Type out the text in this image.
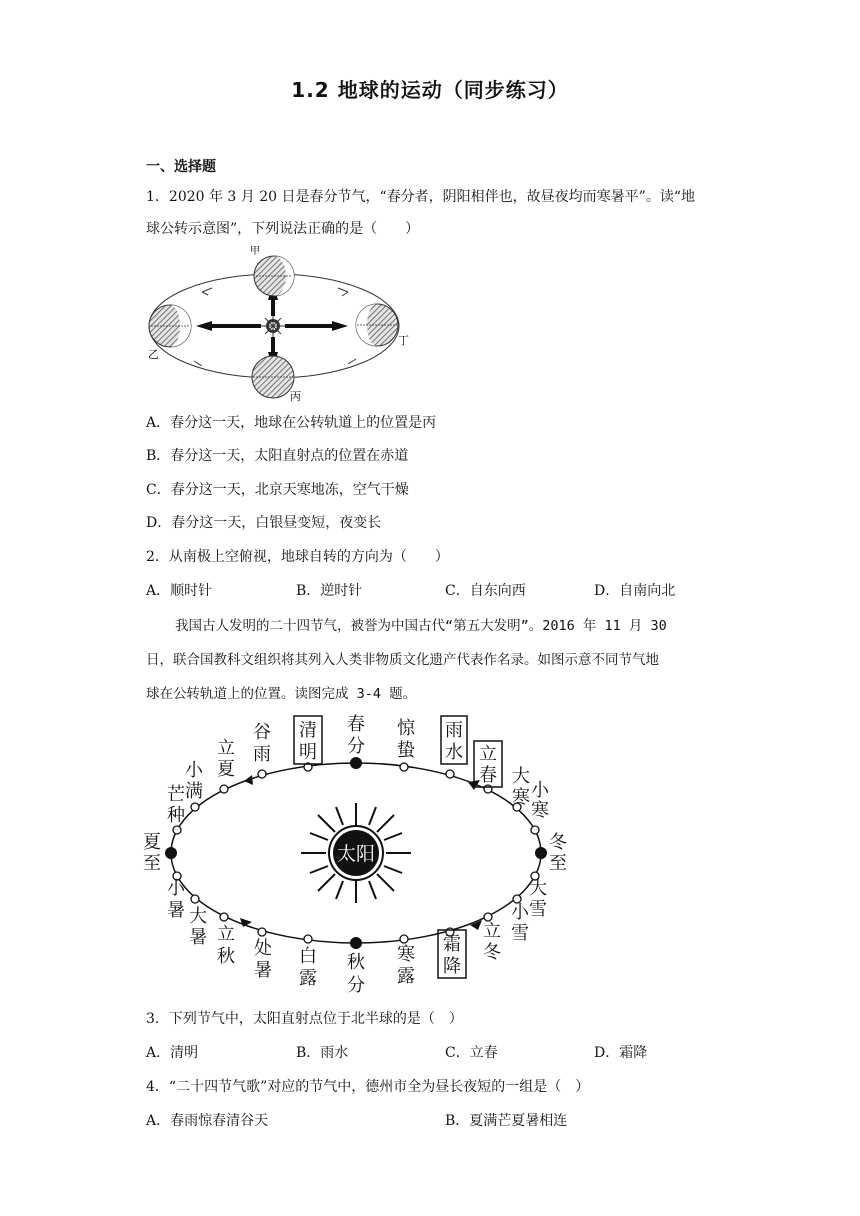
1.2 地球的运动（同步练习）
一、选择题
1．2020 年 3 月 20 日是春分节气，“春分者，阴阳相伴也，故昼夜均而寒暑平”。读“地
球公转示意图”，下列说法正确的是（　　）
甲
乙
丙
丁
A．春分这一天，地球在公转轨道上的位置是丙
B．春分这一天，太阳直射点的位置在赤道
C．春分这一天，北京天寒地冻，空气干燥
D．春分这一天，白银昼变短，夜变长
2．从南极上空俯视，地球自转的方向为（　　）
A．顺时针	B．逆时针	C．自东向西	D．自南向北
我国古人发明的二十四节气，被誉为中国古代“第五大发明”。2016 年 11 月 30
日，联合国教科文组织将其列入人类非物质文化遗产代表作名录。如图示意不同节气地
球在公转轨道上的位置。读图完成 3-4 题。
太阳
春
分
惊
蛰
雨
水 立
春 大
寒 小
寒
冬
至
大
雪
小
雪
立
冬
霜
降
寒
露
秋
分
白
露
处
暑
立
秋
大
暑
小
暑
夏
至
芒
种
小
满
立
夏
谷
雨
清
明
3．下列节气中，太阳直射点位于北半球的是（　）
A．清明	B．雨水	C．立春	D．霜降
4．“二十四节气歌”对应的节气中，德州市全为昼长夜短的一组是（　）
A．春雨惊春清谷天	B．夏满芒夏暑相连
